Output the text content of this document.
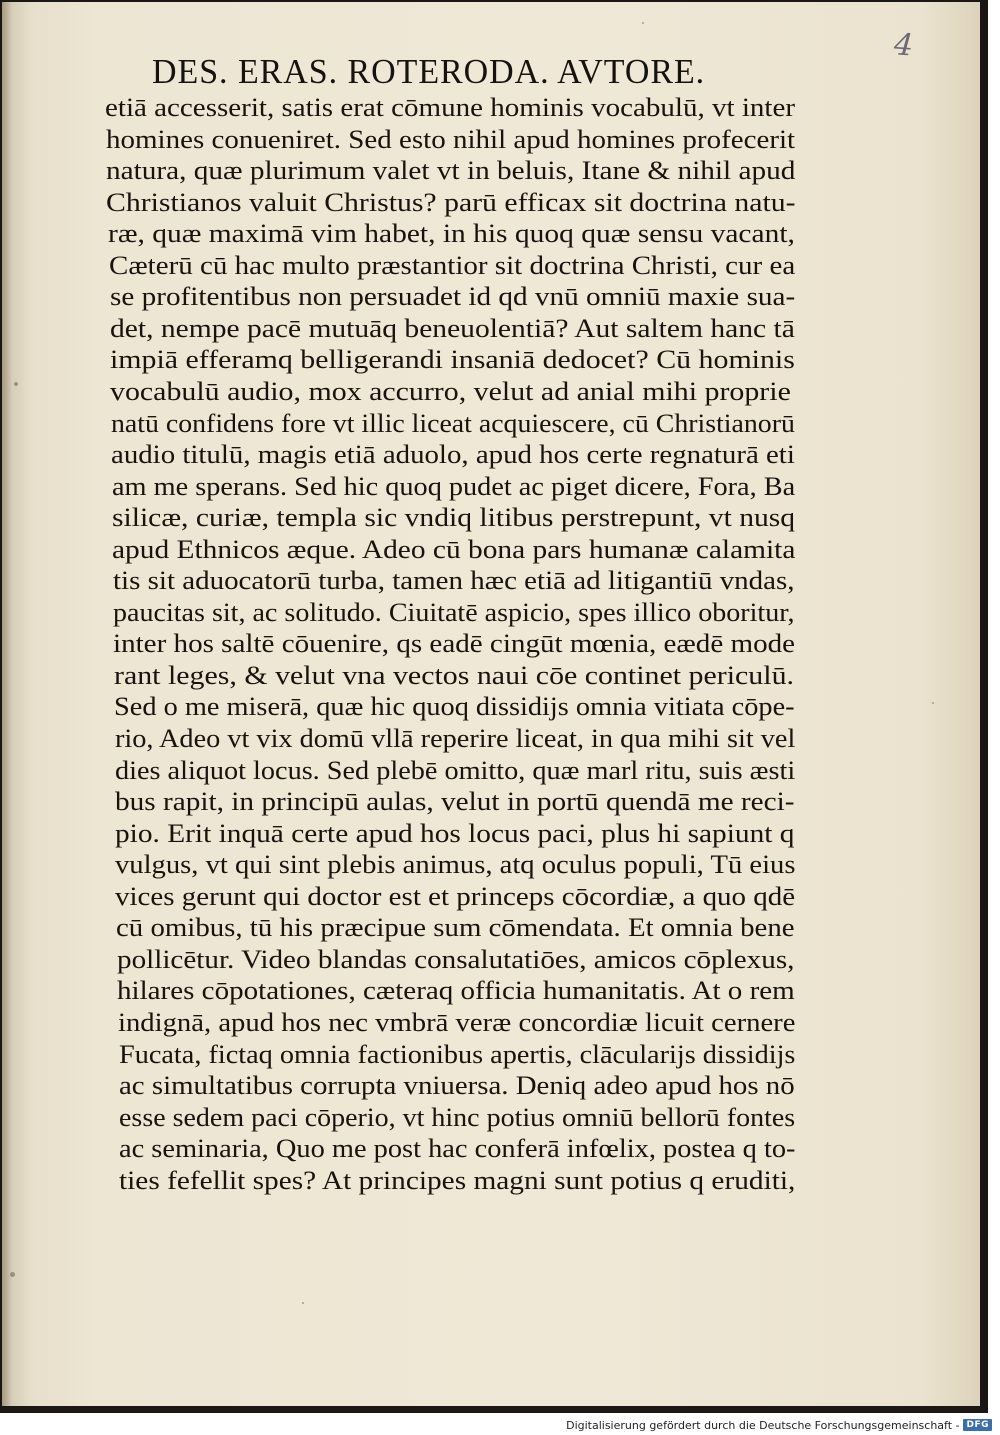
4
DES. ERAS. ROTERODA. AVTORE.
etiā accesserit, satis erat cōmune hominis vocabulū, vt inter
homines conueniret. Sed esto nihil apud homines profecerit
natura, quæ plurimum valet vt in beluis, Itane & nihil apud
Christianos valuit Christus? parū efficax sit doctrina natu-
ræ, quæ maximā vim habet, in his quoq quæ sensu vacant,
Cæterū cū hac multo præstantior sit doctrina Christi, cur ea
se profitentibus non persuadet id qd vnū omniū maxie sua-
det, nempe pacē mutuāq beneuolentiā? Aut saltem hanc tā
impiā efferamq belligerandi insaniā dedocet? Cū hominis
vocabulū audio, mox accurro, velut ad anial mihi proprie
natū confidens fore vt illic liceat acquiescere, cū Christianorū
audio titulū, magis etiā aduolo, apud hos certe regnaturā eti
am me sperans. Sed hic quoq pudet ac piget dicere, Fora, Ba
silicæ, curiæ, templa sic vndiq litibus perstrepunt, vt nusq
apud Ethnicos æque. Adeo cū bona pars humanæ calamita
tis sit aduocatorū turba, tamen hæc etiā ad litigantiū vndas,
paucitas sit, ac solitudo. Ciuitatē aspicio, spes illico oboritur,
inter hos saltē cōuenire, qs eadē cingūt mœnia, eædē mode
rant leges, & velut vna vectos naui cōe continet periculū.
Sed o me miserā, quæ hic quoq dissidijs omnia vitiata cōpe-
rio, Adeo vt vix domū vllā reperire liceat, in qua mihi sit vel
dies aliquot locus. Sed plebē omitto, quæ marl ritu, suis æsti
bus rapit, in principū aulas, velut in portū quendā me reci-
pio. Erit inquā certe apud hos locus paci, plus hi sapiunt q
vulgus, vt qui sint plebis animus, atq oculus populi, Tū eius
vices gerunt qui doctor est et princeps cōcordiæ, a quo qdē
cū omibus, tū his præcipue sum cōmendata. Et omnia bene
pollicētur. Video blandas consalutatiōes, amicos cōplexus,
hilares cōpotationes, cæteraq officia humanitatis. At o rem
indignā, apud hos nec vmbrā veræ concordiæ licuit cernere
Fucata, fictaq omnia factionibus apertis, clācularijs dissidijs
ac simultatibus corrupta vniuersa. Deniq adeo apud hos nō
esse sedem paci cōperio, vt hinc potius omniū bellorū fontes
ac seminaria, Quo me post hac conferā infœlix, postea q to-
ties fefellit spes? At principes magni sunt potius q eruditi,
Digitalisierung gefördert durch die Deutsche Forschungsgemeinschaft - DFG
